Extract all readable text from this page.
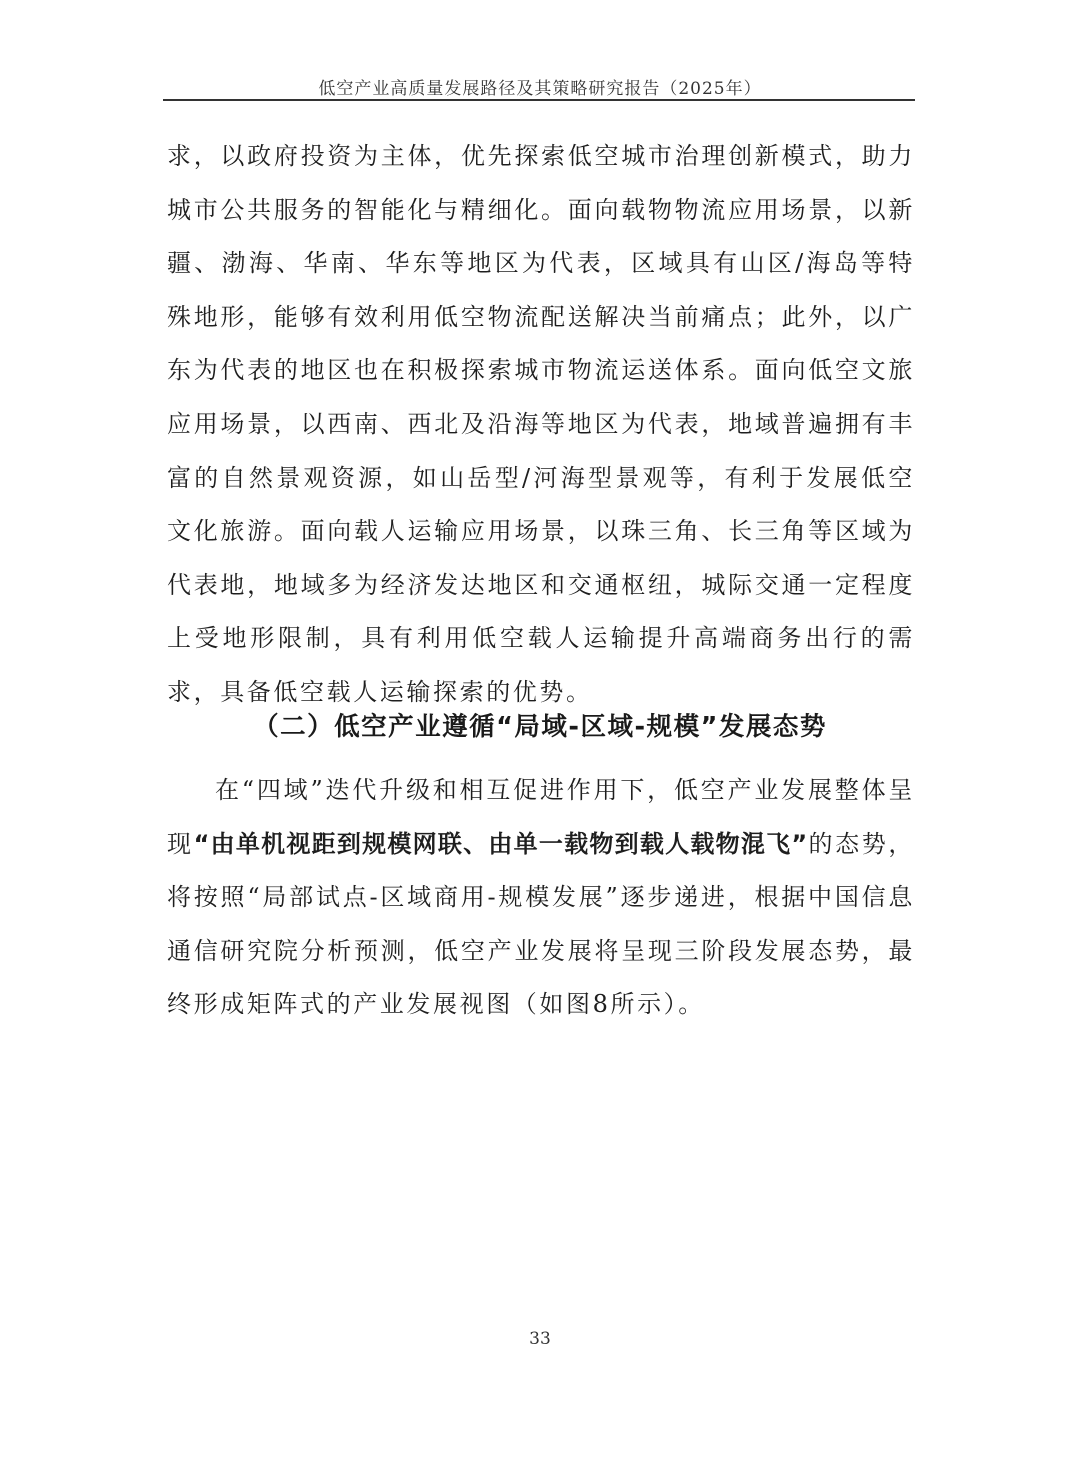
低空产业高质量发展路径及其策略研究报告（2025年）

求，以政府投资为主体，优先探索低空城市治理创新模式，助力城市公共服务的智能化与精细化。面向载物物流应用场景，以新疆、渤海、华南、华东等地区为代表，区域具有山区/海岛等特殊地形，能够有效利用低空物流配送解决当前痛点；此外，以广东为代表的地区也在积极探索城市物流运送体系。面向低空文旅应用场景，以西南、西北及沿海等地区为代表，地域普遍拥有丰富的自然景观资源，如山岳型/河海型景观等，有利于发展低空文化旅游。面向载人运输应用场景，以珠三角、长三角等区域为代表地，地域多为经济发达地区和交通枢纽，城际交通一定程度上受地形限制，具有利用低空载人运输提升高端商务出行的需求，具备低空载人运输探索的优势。

（二）低空产业遵循“局域-区域-规模”发展态势

在“四域”迭代升级和相互促进作用下，低空产业发展整体呈现“由单机视距到规模网联、由单一载物到载人载物混飞”的态势，将按照“局部试点-区域商用-规模发展”逐步递进，根据中国信息通信研究院分析预测，低空产业发展将呈现三阶段发展态势，最终形成矩阵式的产业发展视图（如图8所示）。

33
